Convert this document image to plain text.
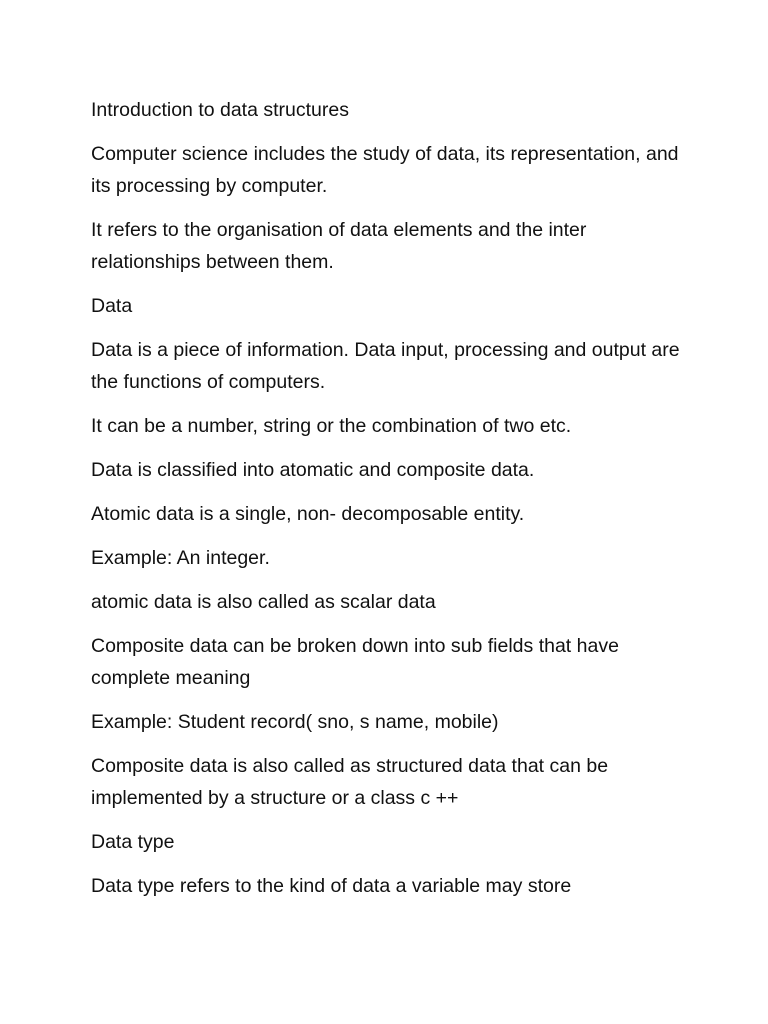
Introduction to data structures

Computer science includes the study of data, its representation, and its processing by computer.

It refers to the organisation of data elements and the inter relationships between them.

Data

Data is a piece of information. Data input, processing and output are the functions of computers.

It can be a number, string or the combination of two etc.

Data is classified into atomatic and composite data.

Atomic data is a single, non- decomposable entity.

Example: An integer.

atomic data is also called as scalar data

Composite data can be broken down into sub fields that have complete meaning

Example: Student record( sno, s name, mobile)

Composite data is also called as structured data that can be implemented by a structure or a class c ++

Data type

Data type refers to the kind of data a variable may store
